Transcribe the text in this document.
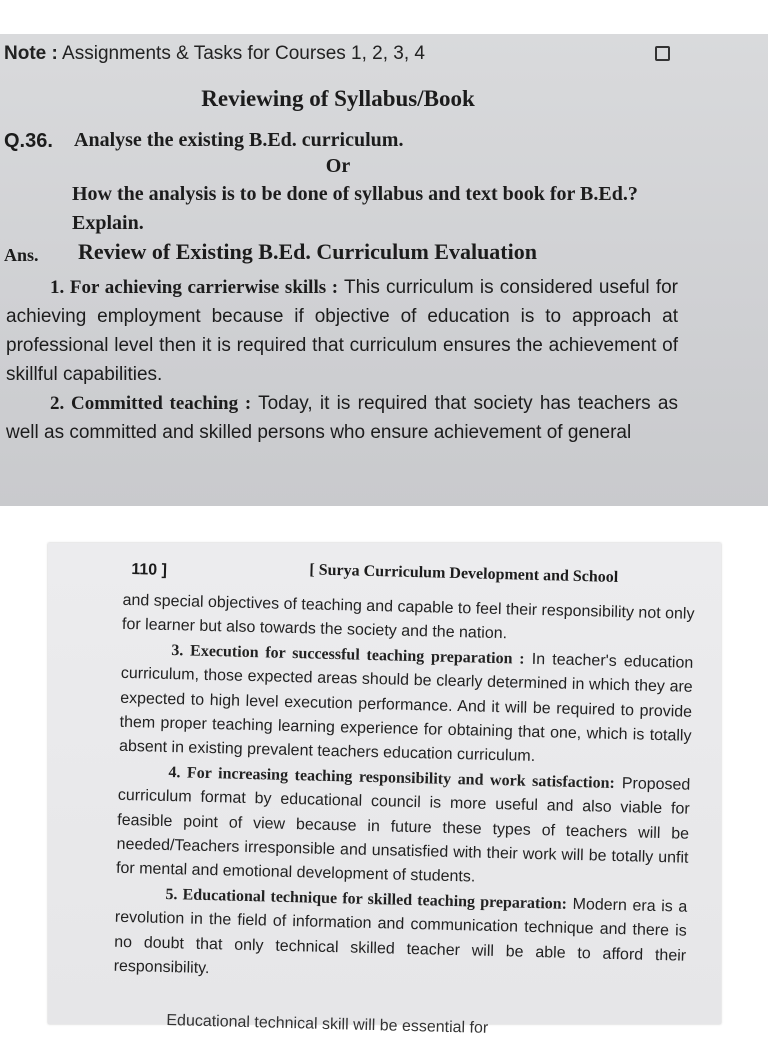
Note : Assignments & Tasks for Courses 1, 2, 3, 4
Reviewing of Syllabus/Book
Q.36. Analyse the existing B.Ed. curriculum.
Or
How the analysis is to be done of syllabus and text book for B.Ed.? Explain.
Ans. Review of Existing B.Ed. Curriculum Evaluation

1. For achieving carrierwise skills : This curriculum is considered useful for achieving employment because if objective of education is to approach at professional level then it is required that curriculum ensures the achievement of skillful capabilities.

2. Committed teaching : Today, it is required that society has teachers as well as committed and skilled persons who ensure achievement of general

110 ]	[ Surya Curriculum Development and School

and special objectives of teaching and capable to feel their responsibility not only for learner but also towards the society and the nation.

3. Execution for successful teaching preparation : In teacher's education curriculum, those expected areas should be clearly determined in which they are expected to high level execution performance. And it will be required to provide them proper teaching learning experience for obtaining that one, which is totally absent in existing prevalent teachers education curriculum.

4. For increasing teaching responsibility and work satisfaction: Proposed curriculum format by educational council is more useful and also viable for feasible point of view because in future these types of teachers will be needed/Teachers irresponsible and unsatisfied with their work will be totally unfit for mental and emotional development of students.

5. Educational technique for skilled teaching preparation: Modern era is a revolution in the field of information and communication technique and there is no doubt that only technical skilled teacher will be able to afford their responsibility.

Educational technical skill will be essential for
